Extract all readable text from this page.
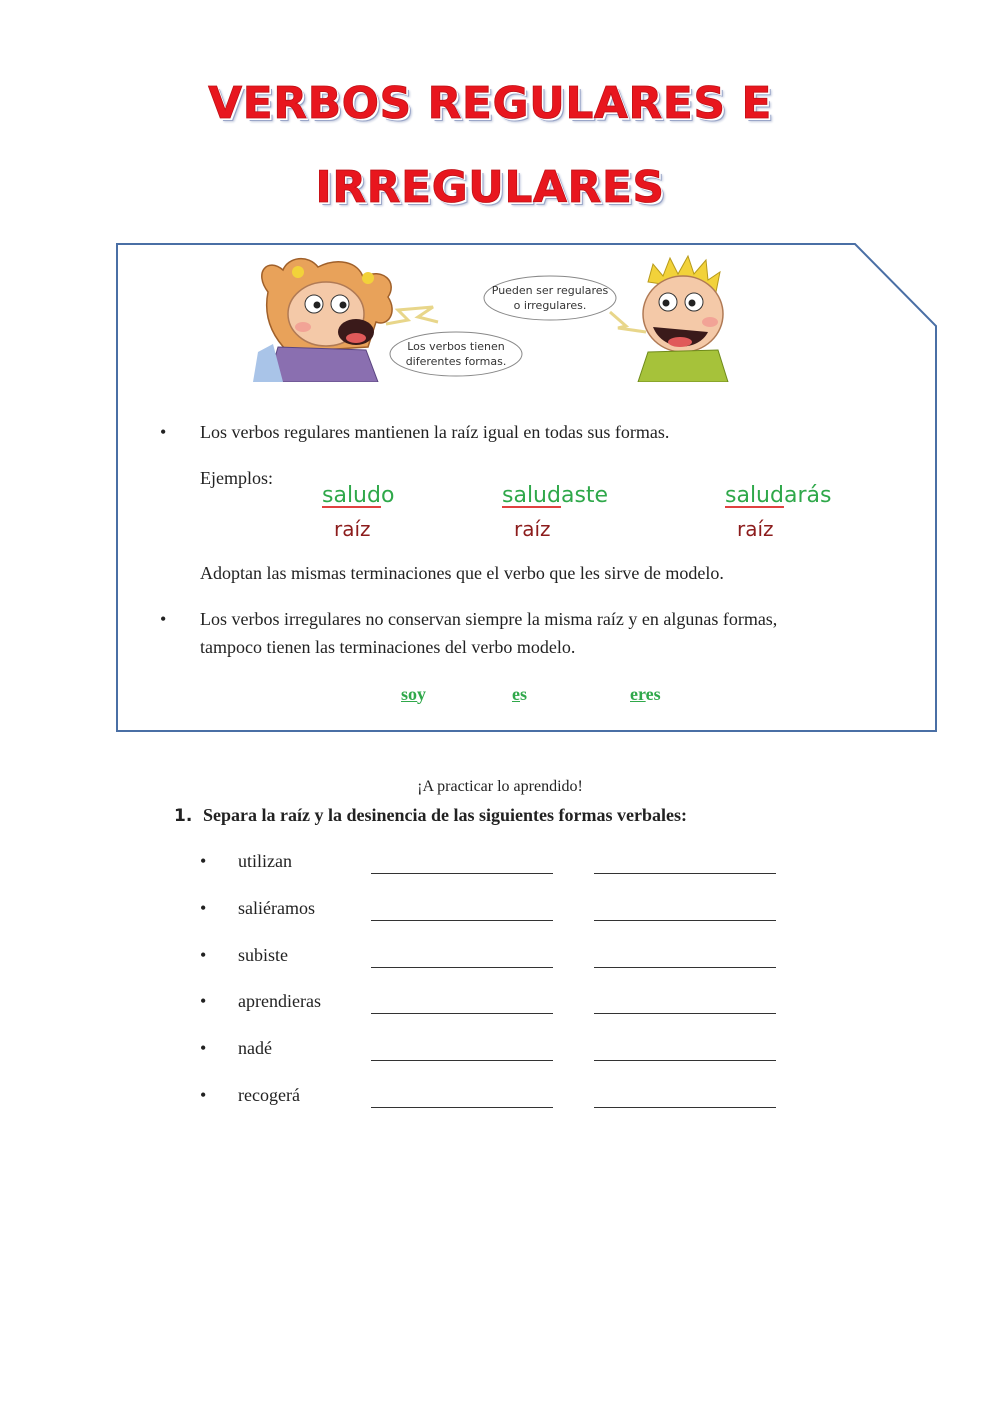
VERBOS REGULARES E
IRREGULARES
Los verbos tienen
diferentes formas.
Pueden ser regulares
o irregulares.
• Los verbos regulares mantienen la raíz igual en todas sus formas.
Ejemplos:
saludo
raíz
saludaste
raíz
saludarás
raíz
Adoptan las mismas terminaciones que el verbo que les sirve de modelo.
• Los verbos irregulares no conservan siempre la misma raíz y en algunas formas,
tampoco tienen las terminaciones del verbo modelo.
soy	es	eres
¡A practicar lo aprendido!
1. Separa la raíz y la desinencia de las siguientes formas verbales:
• utilizan
• saliéramos
• subiste
• aprendieras
• nadé
• recogerá
